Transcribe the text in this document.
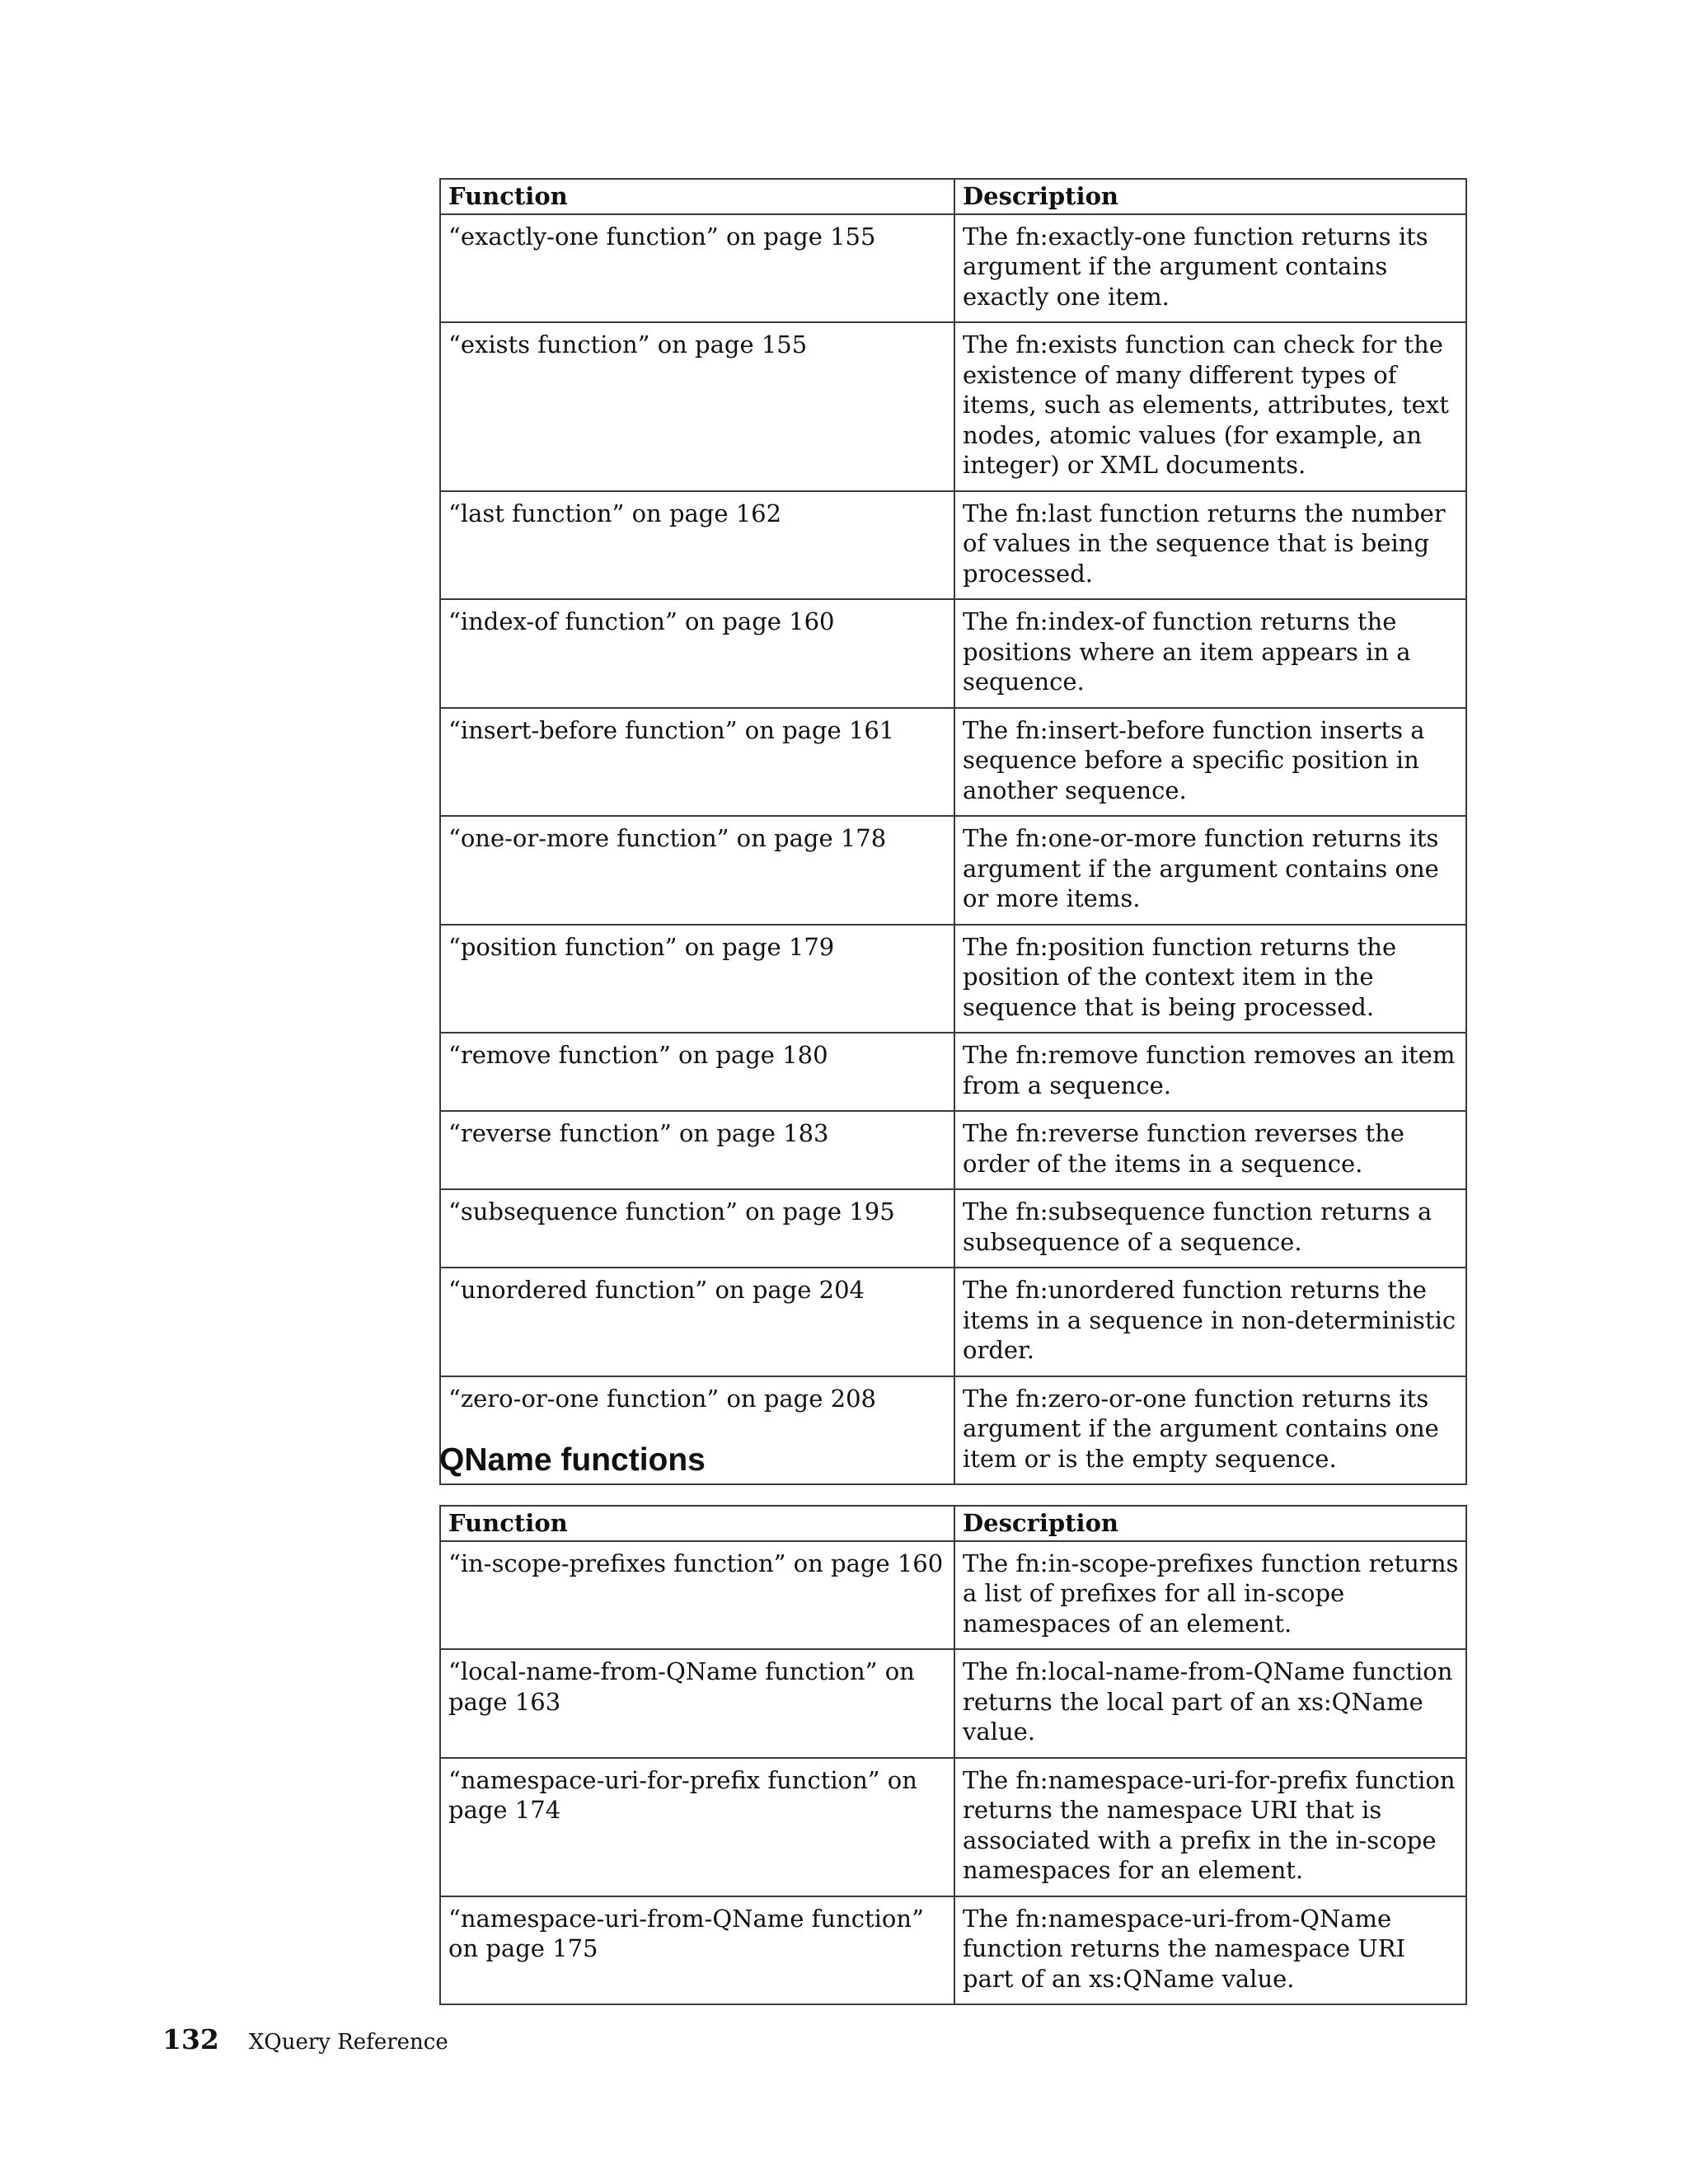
Function	Description
“exactly-one function” on page 155	The fn:exactly-one function returns its argument if the argument contains exactly one item.
“exists function” on page 155	The fn:exists function can check for the existence of many different types of items, such as elements, attributes, text nodes, atomic values (for example, an integer) or XML documents.
“last function” on page 162	The fn:last function returns the number of values in the sequence that is being processed.
“index-of function” on page 160	The fn:index-of function returns the positions where an item appears in a sequence.
“insert-before function” on page 161	The fn:insert-before function inserts a sequence before a specific position in another sequence.
“one-or-more function” on page 178	The fn:one-or-more function returns its argument if the argument contains one or more items.
“position function” on page 179	The fn:position function returns the position of the context item in the sequence that is being processed.
“remove function” on page 180	The fn:remove function removes an item from a sequence.
“reverse function” on page 183	The fn:reverse function reverses the order of the items in a sequence.
“subsequence function” on page 195	The fn:subsequence function returns a subsequence of a sequence.
“unordered function” on page 204	The fn:unordered function returns the items in a sequence in non-deterministic order.
“zero-or-one function” on page 208	The fn:zero-or-one function returns its argument if the argument contains one item or is the empty sequence.
QName functions
Function	Description
“in-scope-prefixes function” on page 160	The fn:in-scope-prefixes function returns a list of prefixes for all in-scope namespaces of an element.
“local-name-from-QName function” on page 163	The fn:local-name-from-QName function returns the local part of an xs:QName value.
“namespace-uri-for-prefix function” on page 174	The fn:namespace-uri-for-prefix function returns the namespace URI that is associated with a prefix in the in-scope namespaces for an element.
“namespace-uri-from-QName function” on page 175	The fn:namespace-uri-from-QName function returns the namespace URI part of an xs:QName value.
132 XQuery Reference
